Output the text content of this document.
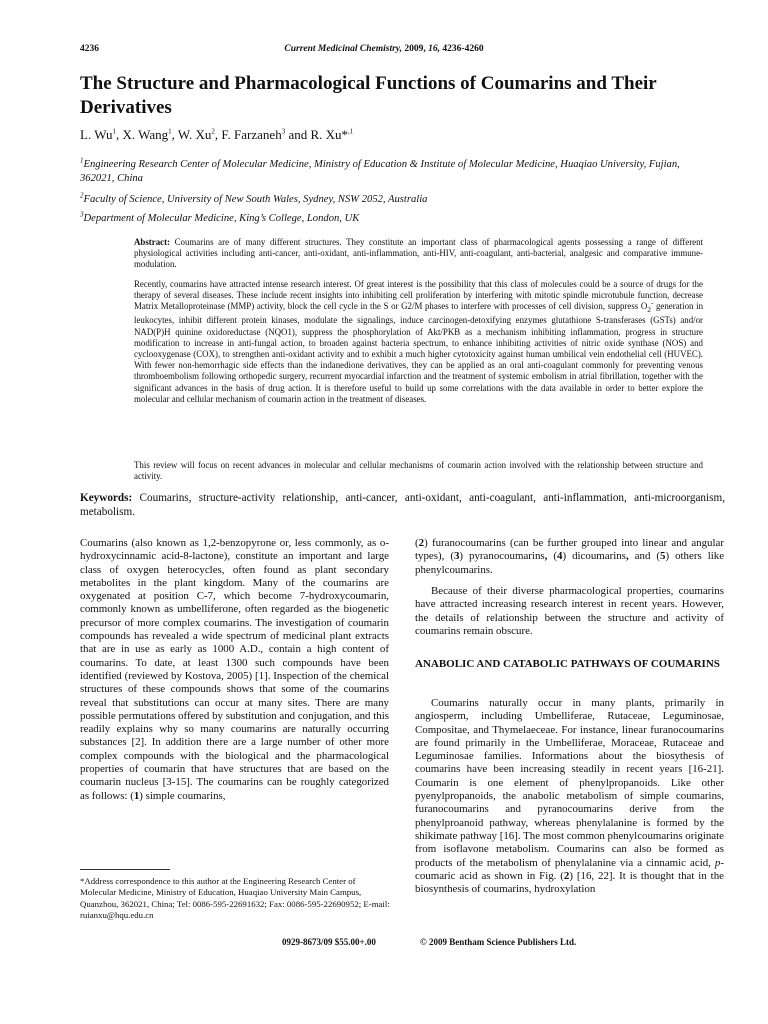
4236	Current Medicinal Chemistry, 2009, 16, 4236-4260
The Structure and Pharmacological Functions of Coumarins and Their Derivatives
L. Wu$^1$, X. Wang$^1$, W. Xu$^2$, F. Farzaneh$^3$ and R. Xu*$^{,1}$

$^1$Engineering Research Center of Molecular Medicine, Ministry of Education & Institute of Molecular Medicine, Huaqiao University, Fujian, 362021, China

$^2$Faculty of Science, University of New South Wales, Sydney, NSW 2052, Australia

$^3$Department of Molecular Medicine, King’s College, London, UK

Abstract: Coumarins are of many different structures. They constitute an important class of pharmacological agents possessing a range of different physiological activities including anti-cancer, anti-oxidant, anti-inflammation, anti-HIV, anti-coagulant, anti-bacterial, analgesic and comparative immune-modulation.

Recently, coumarins have attracted intense research interest. Of great interest is the possibility that this class of molecules could be a source of drugs for the therapy of several diseases. These include recent insights into inhibiting cell proliferation by interfering with mitotic spindle microtubule function, decrease Matrix Metalloproteinase (MMP) activity, block the cell cycle in the S or G2/M phases to interfere with processes of cell division, suppress $O_2^-$ generation in leukocytes, inhibit different protein kinases, modulate the signalings, induce carcinogen-detoxifying enzymes glutathione S-transferases (GSTs) and/or NAD(P)H quinine oxidoreductase (NQO1), suppress the phosphorylation of Akt/PKB as a mechanism inhibiting inflammation, progress in structure modification to increase in anti-fungal action, to broaden against bacteria spectrum, to enhance inhibiting activities of nitric oxide synthase (NOS) and cyclooxygenase (COX), to strengthen anti-oxidant activity and to exhibit a much higher cytotoxicity against human umbilical vein endothelial cell (HUVEC). With fewer non-hemorrhagic side effects than the indanedione derivatives, they can be applied as an oral anti-coagulant commonly for preventing venous thromboembolism following orthopedic surgery, recurrent myocardial infarction and the treatment of systemic embolism in atrial fibrillation, together with the significant advances in the basis of drug action. It is therefore useful to build up some correlations with the data available in order to better explore the molecular and cellular mechanism of coumarin action in the treatment of diseases.

This review will focus on recent advances in molecular and cellular mechanisms of coumarin action involved with the relationship between structure and activity.

Keywords: Coumarins, structure-activity relationship, anti-cancer, anti-oxidant, anti-coagulant, anti-inflammation, anti-microorganism, metabolism.

Coumarins (also known as 1,2-benzopyrone or, less commonly, as o-hydroxycinnamic acid-8-lactone), constitute an important and large class of oxygen heterocycles, often found as plant secondary metabolites in the plant kingdom. Many of the coumarins are oxygenated at position C-7, which become 7-hydroxycoumarin, commonly known as umbelliferone, often regarded as the biogenetic precursor of more complex coumarins. The investigation of coumarin compounds has revealed a wide spectrum of medicinal plant extracts that are in use as early as 1000 A.D., contain a high content of coumarins. To date, at least 1300 such compounds have been identified (reviewed by Kostova, 2005) [1]. Inspection of the chemical structures of these compounds shows that some of the coumarins reveal that substitutions can occur at many sites. There are many possible permutations offered by substitution and conjugation, and this readily explains why so many coumarins are naturally occurring substances [2]. In addition there are a large number of other more complex compounds with the biological and the pharmacological properties of coumarin that have structures that are based on the coumarin nucleus [3-15]. The coumarins can be roughly categorized as follows: (1) simple coumarins,

(2) furanocoumarins (can be further grouped into linear and angular types), (3) pyranocoumarins, (4) dicoumarins, and (5) others like phenylcoumarins.

Because of their diverse pharmacological properties, coumarins have attracted increasing research interest in recent years. However, the details of relationship between the structure and activity of coumarins remain obscure.

ANABOLIC AND CATABOLIC PATHWAYS OF COUMARINS

Coumarins naturally occur in many plants, primarily in angiosperm, including Umbelliferae, Rutaceae, Leguminosae, Compositae, and Thymelaeceae. For instance, linear furanocoumarins are found primarily in the Umbelliferae, Moraceae, Rutaceae and Leguminosae families. Informations about the biosythesis of coumarins have been increasing steadily in recent years [16-21]. Coumarin is one element of phenylpropanoids. Like other pyenylpropanoids, the anabolic metabolism of simple coumarins, furanocoumarins and pyranocoumarins derive from the phenylproanoid pathway, whereas phenylalanine is formed by the shikimate pathway [16]. The most common phenylcoumarins originate from isoflavone metabolism. Coumarins can also be formed as products of the metabolism of phenylalanine via a cinnamic acid, p-coumaric acid as shown in Fig. (2) [16, 22]. It is thought that in the biosynthesis of coumarins, hydroxylation

*Address correspondence to this author at the Engineering Research Center of Molecular Medicine, Ministry of Education, Huaqiao University Main Campus, Quanzhou, 362021, China; Tel: 0086-595-22691632; Fax: 0086-595-22690952; E-mail: ruianxu@hqu.edu.cn

0929-8673/09 $55.00+.00	© 2009 Bentham Science Publishers Ltd.
